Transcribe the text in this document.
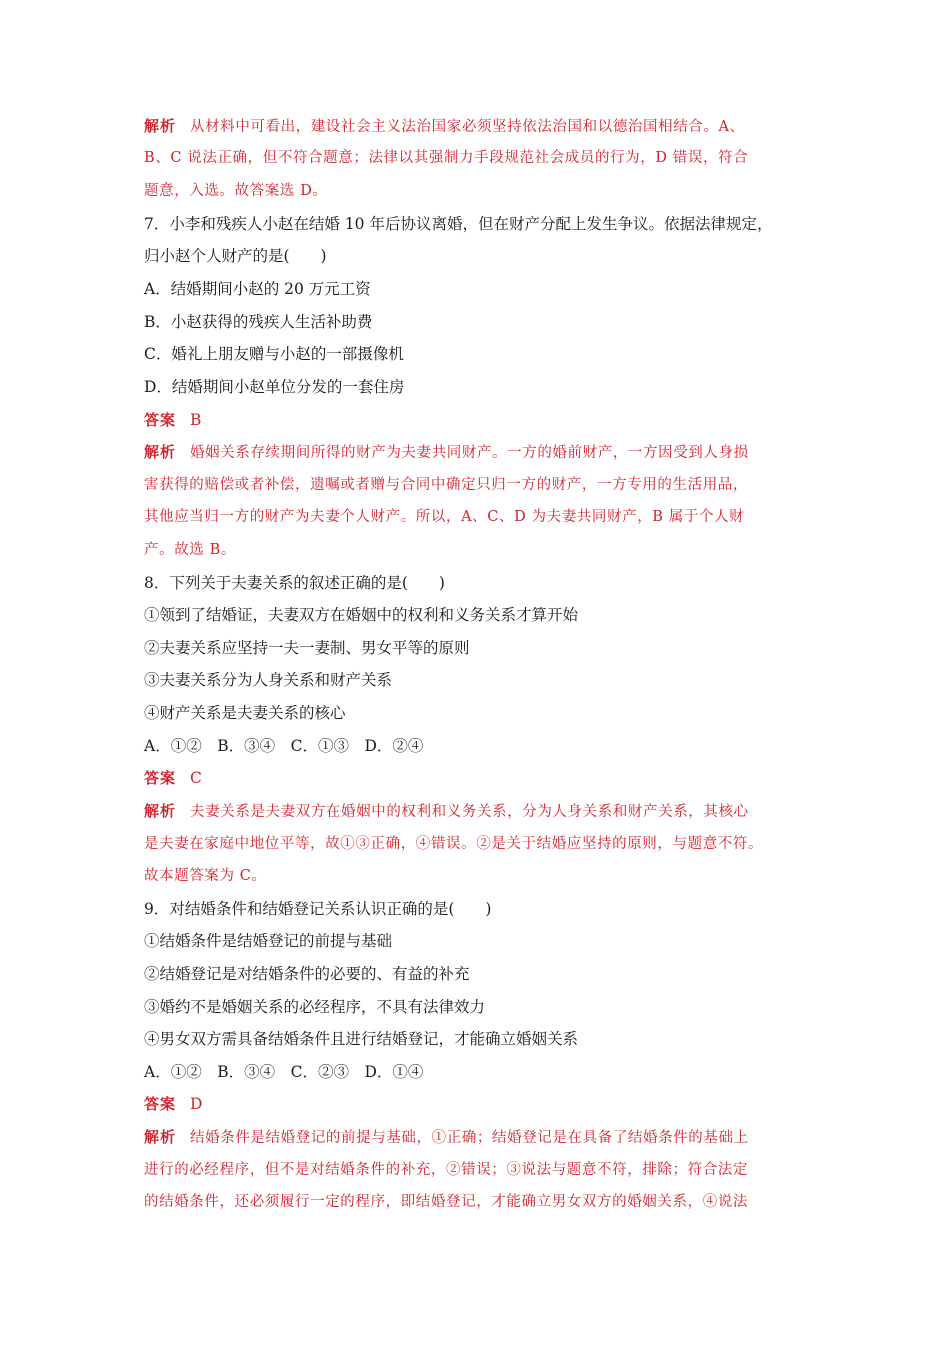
解析 从材料中可看出，建设社会主义法治国家必须坚持依法治国和以德治国相结合。A、
B、C 说法正确，但不符合题意；法律以其强制力手段规范社会成员的行为，D 错误，符合
题意，入选。故答案选 D。
7．小李和残疾人小赵在结婚 10 年后协议离婚，但在财产分配上发生争议。依据法律规定，
归小赵个人财产的是(　　)
A．结婚期间小赵的 20 万元工资
B．小赵获得的残疾人生活补助费
C．婚礼上朋友赠与小赵的一部摄像机
D．结婚期间小赵单位分发的一套住房
答案 B
解析 婚姻关系存续期间所得的财产为夫妻共同财产。一方的婚前财产，一方因受到人身损
害获得的赔偿或者补偿，遗嘱或者赠与合同中确定只归一方的财产，一方专用的生活用品，
其他应当归一方的财产为夫妻个人财产。所以，A、C、D 为夫妻共同财产，B 属于个人财
产。故选 B。
8．下列关于夫妻关系的叙述正确的是(　　)
①领到了结婚证，夫妻双方在婚姻中的权利和义务关系才算开始
②夫妻关系应坚持一夫一妻制、男女平等的原则
③夫妻关系分为人身关系和财产关系
④财产关系是夫妻关系的核心
A．①②　B．③④　C．①③　D．②④
答案 C
解析 夫妻关系是夫妻双方在婚姻中的权利和义务关系，分为人身关系和财产关系，其核心
是夫妻在家庭中地位平等，故①③正确，④错误。②是关于结婚应坚持的原则，与题意不符。
故本题答案为 C。
9．对结婚条件和结婚登记关系认识正确的是(　　)
①结婚条件是结婚登记的前提与基础
②结婚登记是对结婚条件的必要的、有益的补充
③婚约不是婚姻关系的必经程序，不具有法律效力
④男女双方需具备结婚条件且进行结婚登记，才能确立婚姻关系
A．①②　B．③④　C．②③　D．①④
答案 D
解析 结婚条件是结婚登记的前提与基础，①正确；结婚登记是在具备了结婚条件的基础上
进行的必经程序，但不是对结婚条件的补充，②错误；③说法与题意不符，排除；符合法定
的结婚条件，还必须履行一定的程序，即结婚登记，才能确立男女双方的婚姻关系，④说法
